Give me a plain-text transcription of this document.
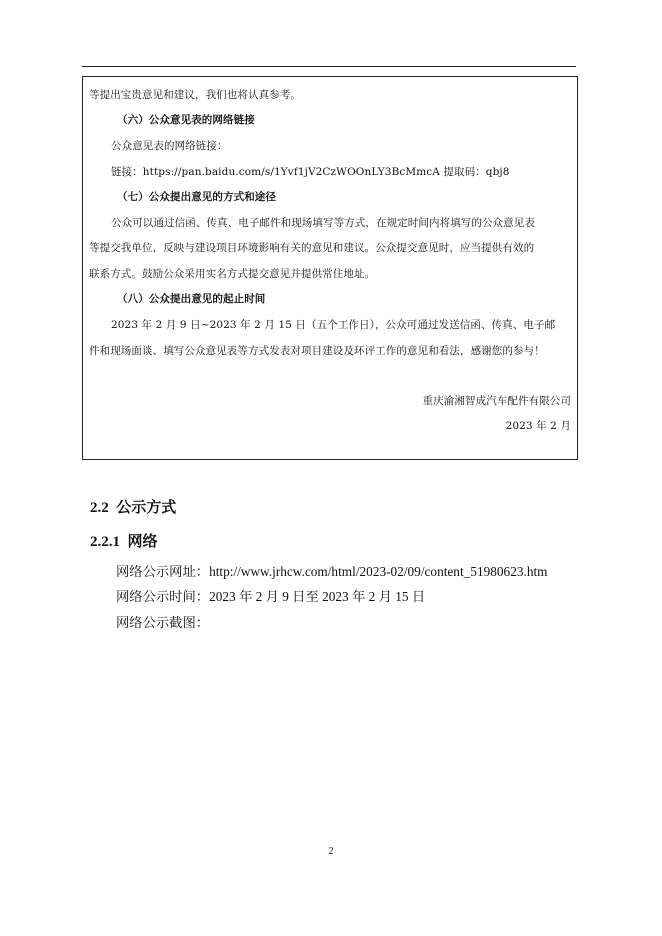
等提出宝贵意见和建议，我们也将认真参考。
（六）公众意见表的网络链接
公众意见表的网络链接：
链接：https://pan.baidu.com/s/1Yvf1jV2CzWOOnLY3BcMmcA 提取码：qbj8
（七）公众提出意见的方式和途径
公众可以通过信函、传真、电子邮件和现场填写等方式，在规定时间内将填写的公众意见表
等提交我单位，反映与建设项目环境影响有关的意见和建议。公众提交意见时，应当提供有效的
联系方式。鼓励公众采用实名方式提交意见并提供常住地址。
（八）公众提出意见的起止时间
2023 年 2 月 9 日~2023 年 2 月 15 日（五个工作日），公众可通过发送信函、传真、电子邮
件和现场面谈、填写公众意见表等方式发表对项目建设及环评工作的意见和看法，感谢您的参与！
重庆渝湘智成汽车配件有限公司
2023 年 2 月
2.2 公示方式
2.2.1 网络
网络公示网址：http://www.jrhcw.com/html/2023-02/09/content_51980623.htm
网络公示时间：2023 年 2 月 9 日至 2023 年 2 月 15 日
网络公示截图：
2
